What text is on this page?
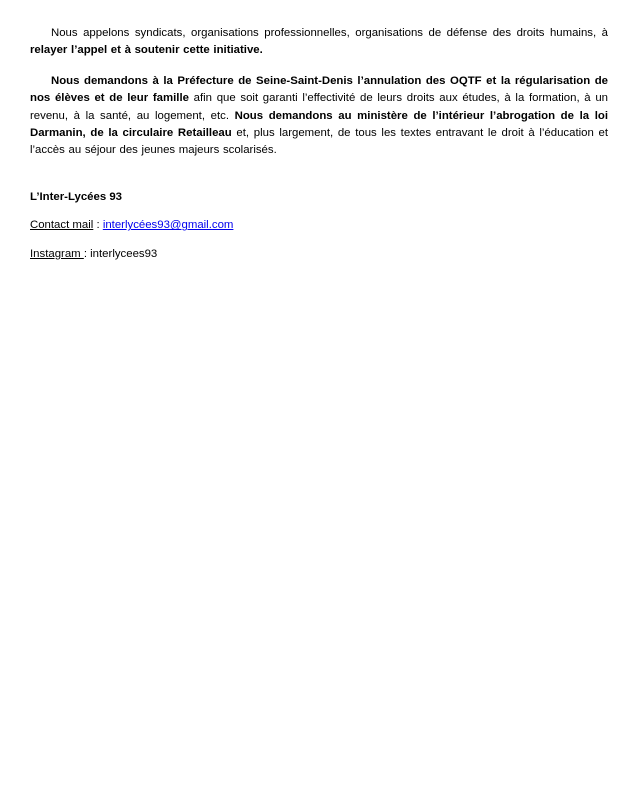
Nous appelons syndicats, organisations professionnelles, organisations de défense des droits humains, à relayer l’appel et à soutenir cette initiative.

Nous demandons à la Préfecture de Seine-Saint-Denis l’annulation des OQTF et la régularisation de nos élèves et de leur famille afin que soit garanti l’effectivité de leurs droits aux études, à la formation, à un revenu, à la santé, au logement, etc. Nous demandons au ministère de l’intérieur l’abrogation de la loi Darmanin, de la circulaire Retailleau et, plus largement, de tous les textes entravant le droit à l’éducation et l’accès au séjour des jeunes majeurs scolarisés.

L’Inter-Lycées 93

Contact mail : interlycées93@gmail.com

Instagram : interlycees93
